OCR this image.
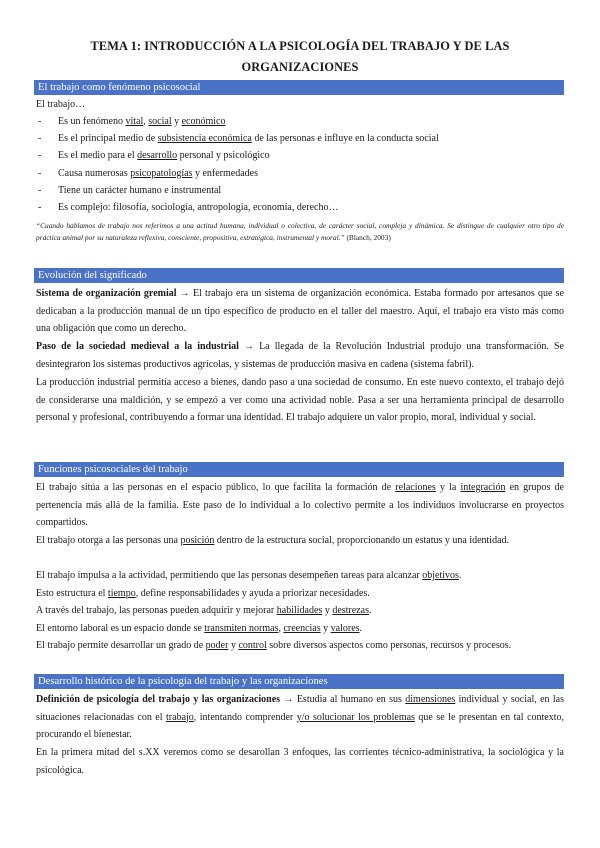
TEMA 1: INTRODUCCIÓN A LA PSICOLOGÍA DEL TRABAJO Y DE LAS ORGANIZACIONES
El trabajo como fenómeno psicosocial
El trabajo…
- Es un fenómeno vital, social y económico
- Es el principal medio de subsistencia económica de las personas e influye en la conducta social
- Es el medio para el desarrollo personal y psicológico
- Causa numerosas psicopatologías y enfermedades
- Tiene un carácter humano e instrumental
- Es complejo: filosofía, sociología, antropología, economía, derecho…
“Cuando hablamos de trabajo nos referimos a una actitud humana, individual o colectiva, de carácter social, compleja y dinámica. Se distingue de cualquier otro tipo de práctica animal por su naturaleza reflexiva, consciente, propositiva, estratégica, instrumental y moral.” (Blanch, 2003)
Evolución del significado
Sistema de organización gremial → El trabajo era un sistema de organización económica. Estaba formado por artesanos que se dedicaban a la producción manual de un tipo específico de producto en el taller del maestro. Aquí, el trabajo era visto más como una obligación que como un derecho.
Paso de la sociedad medieval a la industrial → La llegada de la Revolución Industrial produjo una transformación. Se desintegraron los sistemas productivos agrícolas, y sistemas de producción masiva en cadena (sistema fabril).
La producción industrial permitía acceso a bienes, dando paso a una sociedad de consumo. En este nuevo contexto, el trabajo dejó de considerarse una maldición, y se empezó a ver como una actividad noble. Pasa a ser una herramienta principal de desarrollo personal y profesional, contribuyendo a formar una identidad. El trabajo adquiere un valor propio, moral, individual y social.
Funciones psicosociales del trabajo
El trabajo sitúa a las personas en el espacio público, lo que facilita la formación de relaciones y la integración en grupos de pertenencia más allá de la familia. Este paso de lo individual a lo colectivo permite a los individuos involucrarse en proyectos compartidos.
El trabajo otorga a las personas una posición dentro de la estructura social, proporcionando un estatus y una identidad.
El trabajo impulsa a la actividad, permitiendo que las personas desempeñen tareas para alcanzar objetivos.
Esto estructura el tiempo, define responsabilidades y ayuda a priorizar necesidades.
A través del trabajo, las personas pueden adquirir y mejorar habilidades y destrezas.
El entorno laboral es un espacio donde se transmiten normas, creencias y valores.
El trabajo permite desarrollar un grado de poder y control sobre diversos aspectos como personas, recursos y procesos.
Desarrollo histórico de la psicología del trabajo y las organizaciones
Definición de psicología del trabajo y las organizaciones → Estudia al humano en sus dimensiones individual y social, en las situaciones relacionadas con el trabajo, intentando comprender y/o solucionar los problemas que se le presentan en tal contexto, procurando el bienestar.
En la primera mitad del s.XX veremos como se desarollan 3 enfoques, las corrientes técnico-administrativa, la sociológica y la psicológica.
